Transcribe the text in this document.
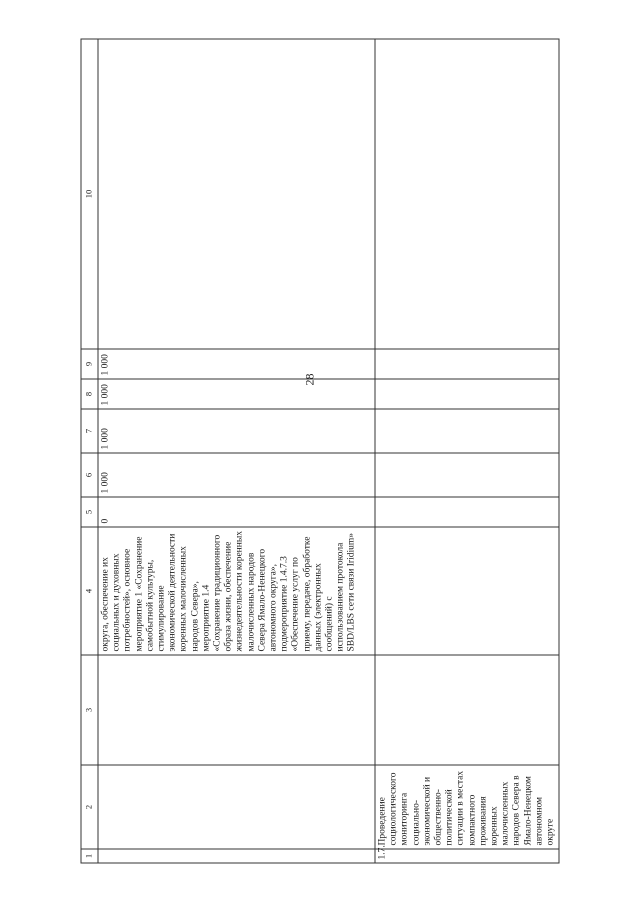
28
1	2	3	4	5	6	7	8	9	10
			округа, обеспечение их социальных и духовных потребностей», основное мероприятие 1 «Сохранение самобытной культуры, стимулирование экономической деятельности коренных малочисленных народов Севера», мероприятие 1.4 «Сохранение традиционного образа жизни, обеспечение жизнедеятельности коренных малочисленных народов Севера Ямало-Ненецкого автономного округа», подмероприятие 1.4.7.3 «Обеспечение услуг по приему, передаче, обработке данных (электронных сообщений) с использованием протокола SBD/LBS сети связи Iridium»	0	1 000	1 000	1 000	1 000	
1.7.	Проведение социологического мониторинга социально-экономической и общественно-политической ситуации в местах компактного проживания коренных малочисленных народов Севера в Ямало-Ненецком автономном округе								
